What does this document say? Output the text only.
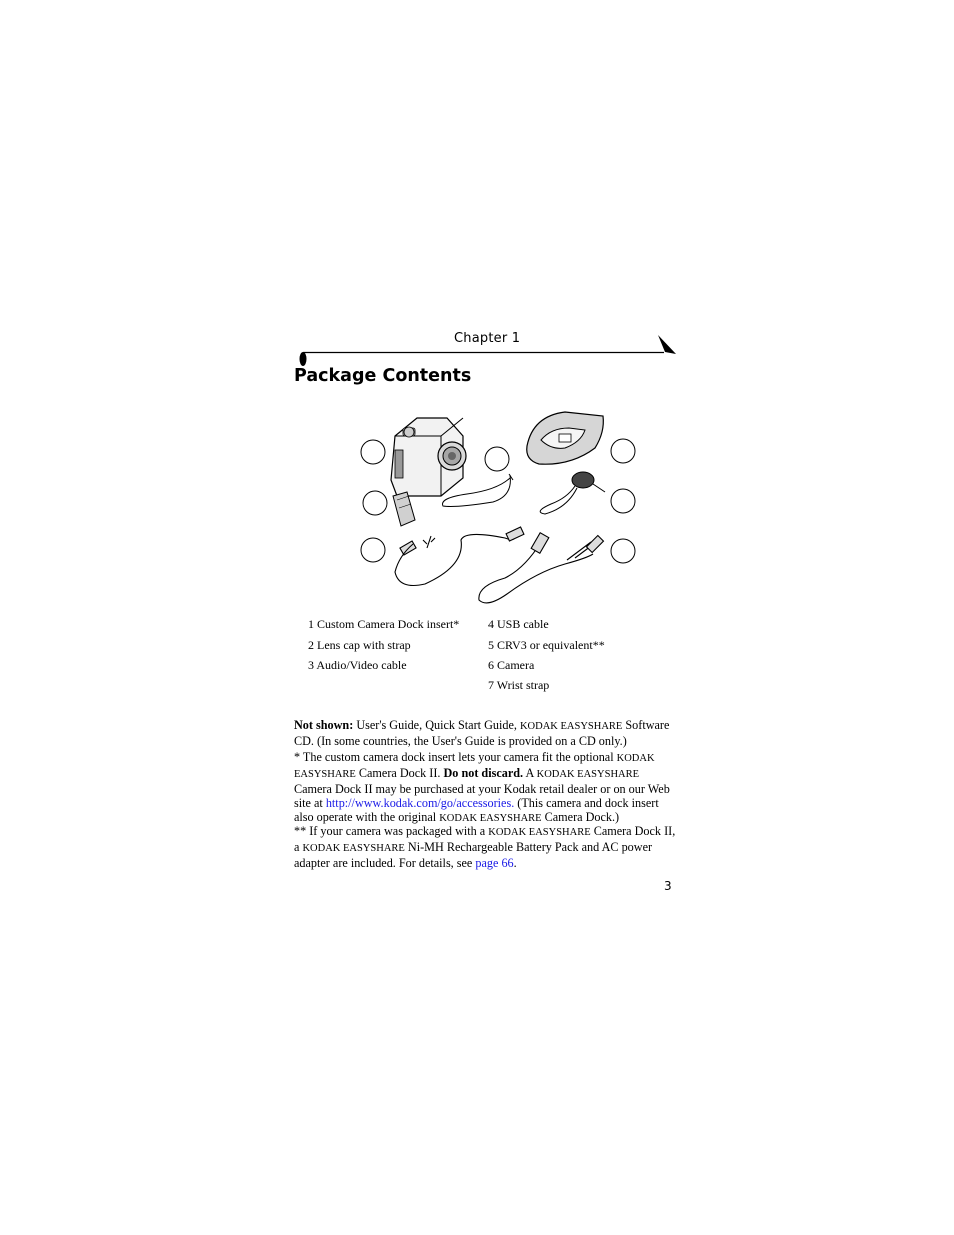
Chapter 1
Package Contents
1 Custom Camera Dock insert*
2 Lens cap with strap
3 Audio/Video cable
4 USB cable
5 CRV3 or equivalent**
6 Camera
7 Wrist strap

Not shown: User's Guide, Quick Start Guide, KODAK EASYSHARE Software CD. (In some countries, the User's Guide is provided on a CD only.)

* The custom camera dock insert lets your camera fit the optional KODAK EASYSHARE Camera Dock II. Do not discard. A KODAK EASYSHARE Camera Dock II may be purchased at your Kodak retail dealer or on our Web site at http://www.kodak.com/go/accessories. (This camera and dock insert also operate with the original KODAK EASYSHARE Camera Dock.)

** If your camera was packaged with a KODAK EASYSHARE Camera Dock II, a KODAK EASYSHARE Ni-MH Rechargeable Battery Pack and AC power adapter are included. For details, see page 66.

3
